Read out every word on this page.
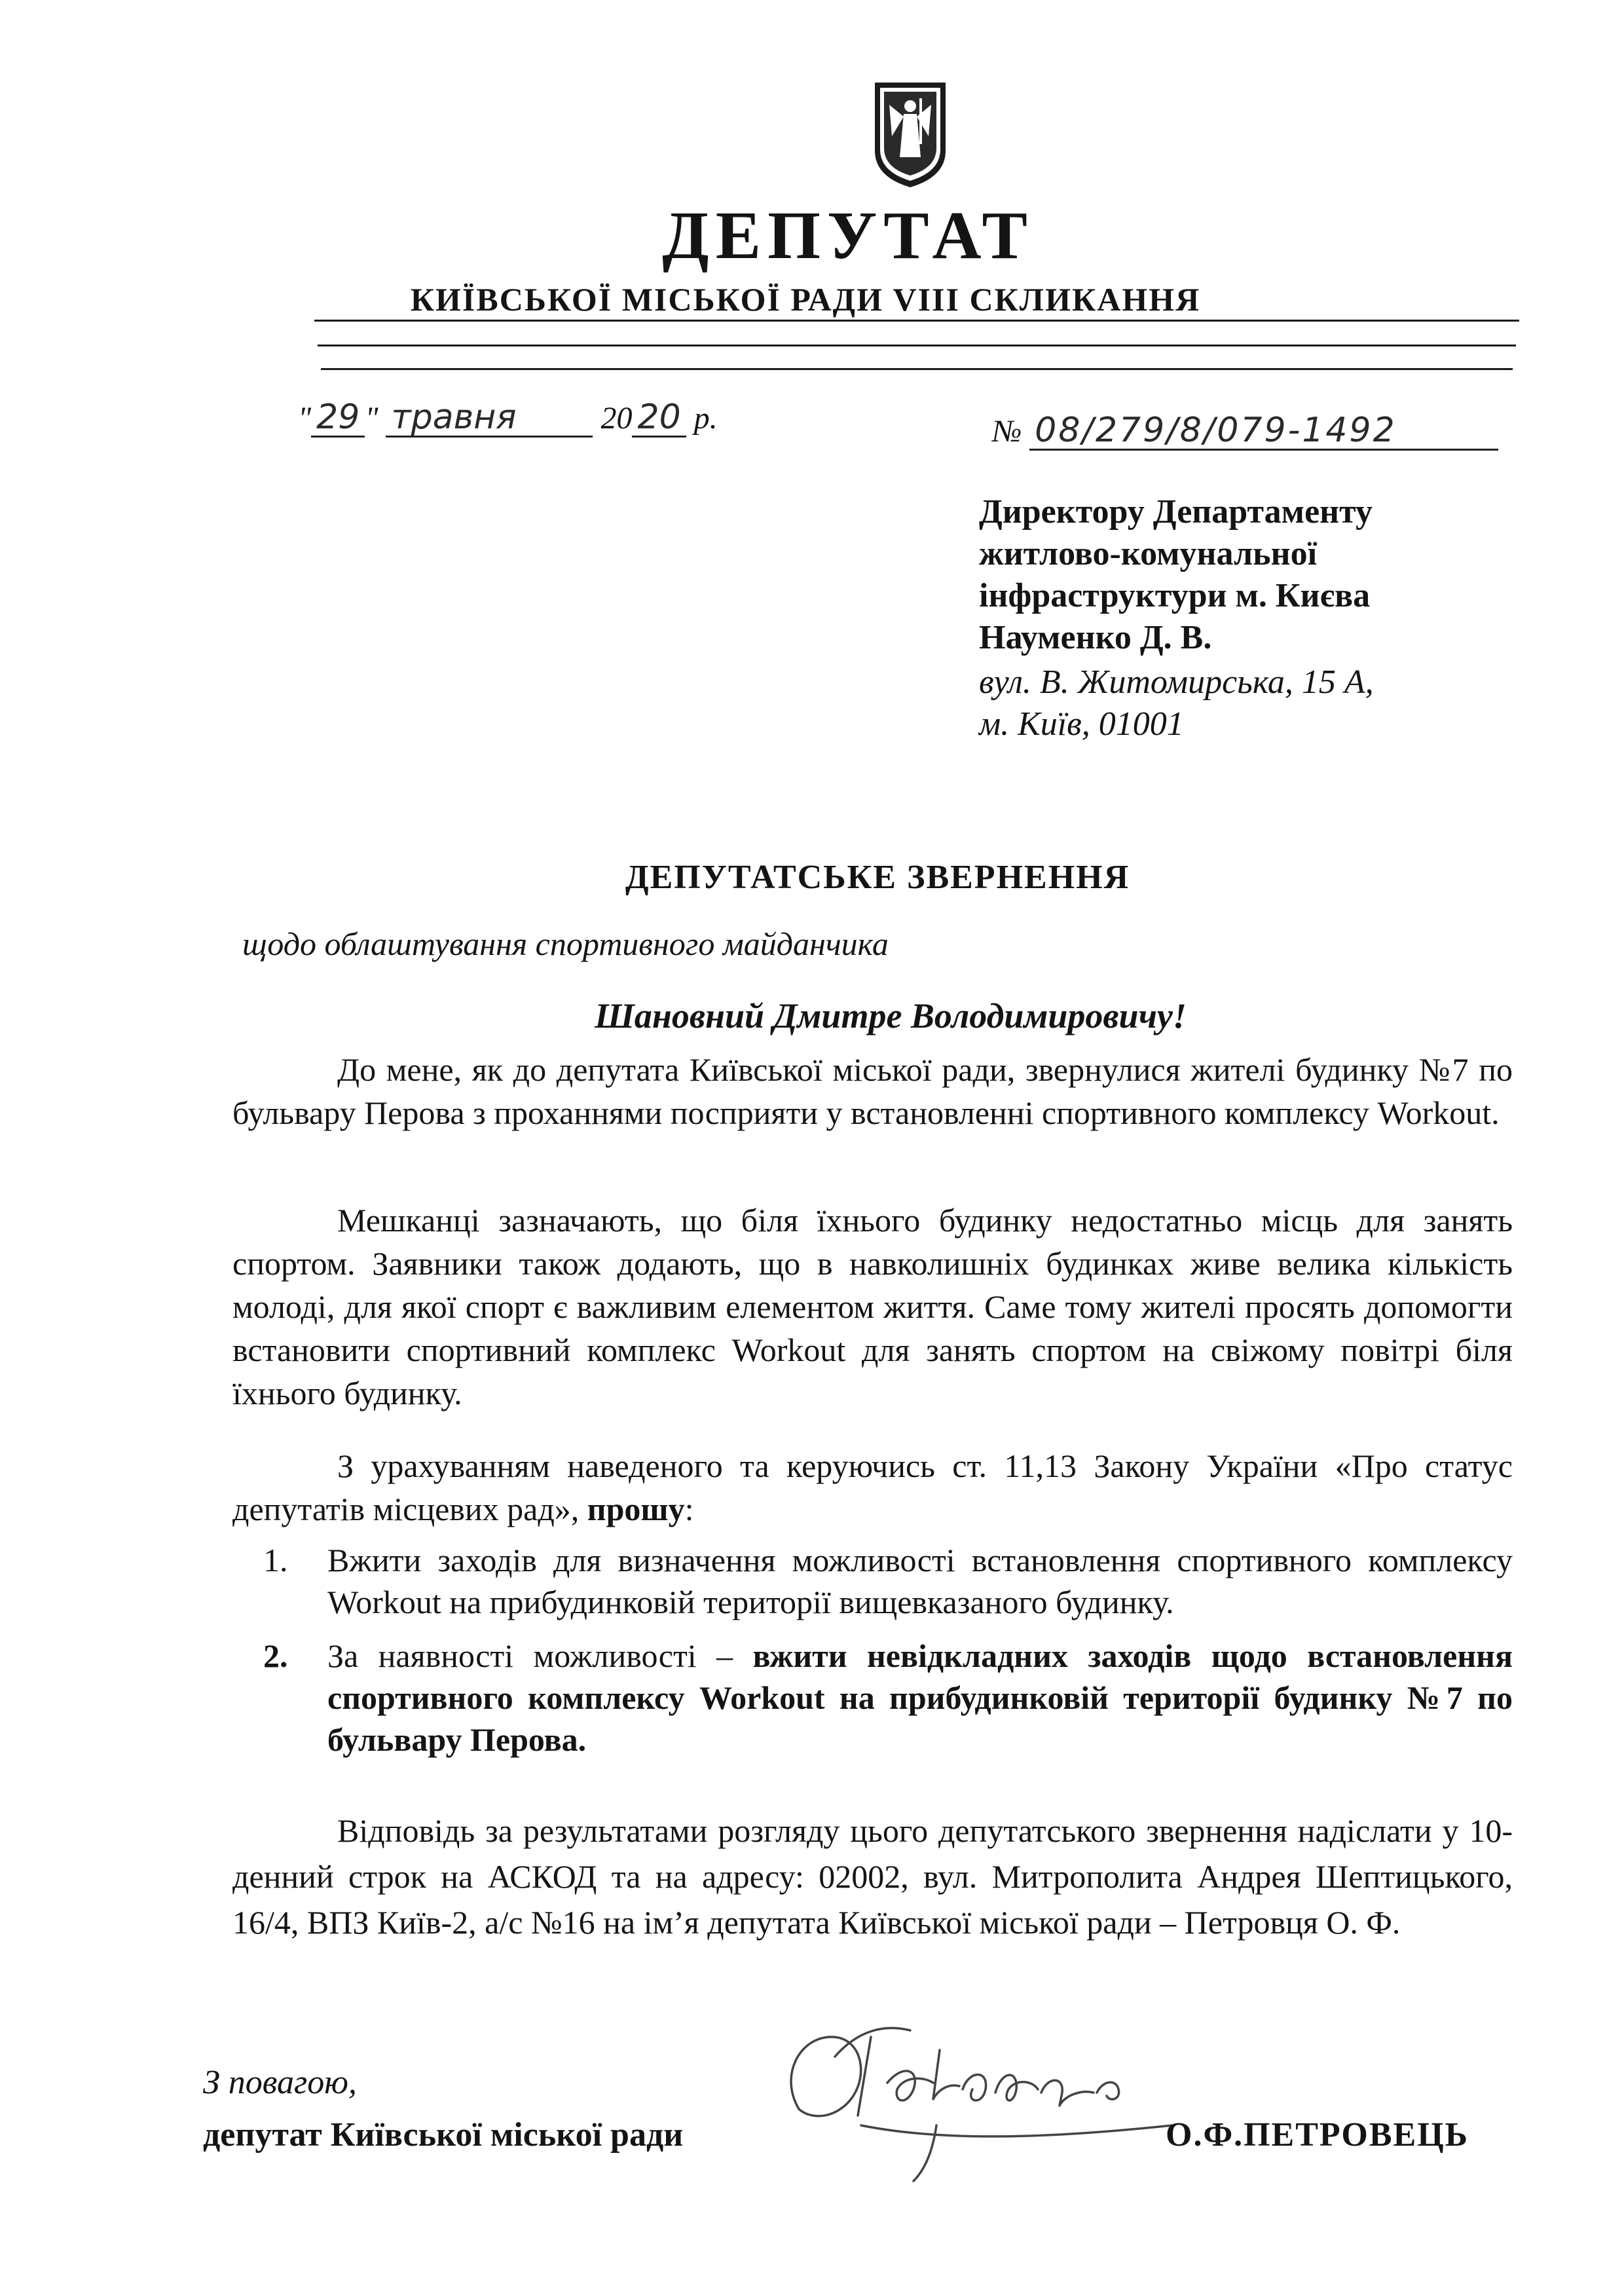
ДЕПУТАТ
КИЇВСЬКОЇ МІСЬКОЇ РАДИ VIII СКЛИКАННЯ
" 29 " травня	20 20 р.	№ 08/279/8/079-1492
Директору Департаменту
житлово-комунальної
інфраструктури м. Києва
Науменко Д. В.
вул. В. Житомирська, 15 А,
м. Київ, 01001
ДЕПУТАТСЬКЕ ЗВЕРНЕННЯ
щодо облаштування спортивного майданчика
Шановний Дмитре Володимировичу!

До мене, як до депутата Київської міської ради, звернулися жителі будинку №7 по бульвару Перова з проханнями посприяти у встановленні спортивного комплексу Workout.

Мешканці зазначають, що біля їхнього будинку недостатньо місць для занять спортом. Заявники також додають, що в навколишніх будинках живе велика кількість молоді, для якої спорт є важливим елементом життя. Саме тому жителі просять допомогти встановити спортивний комплекс Workout для занять спортом на свіжому повітрі біля їхнього будинку.

З урахуванням наведеного та керуючись ст. 11,13 Закону України «Про статус депутатів місцевих рад», прошу:

1. Вжити заходів для визначення можливості встановлення спортивного комплексу Workout на прибудинковій території вищевказаного будинку.
2. За наявності можливості – вжити невідкладних заходів щодо встановлення спортивного комплексу Workout на прибудинковій території будинку №7 по бульвару Перова.

Відповідь за результатами розгляду цього депутатського звернення надіслати у 10-денний строк на АСКОД та на адресу: 02002, вул. Митрополита Андрея Шептицького, 16/4, ВПЗ Київ-2, а/с №16 на ім’я депутата Київської міської ради – Петровця О. Ф.

З повагою,
депутат Київської міської ради	О.Ф.ПЕТРОВЕЦЬ
